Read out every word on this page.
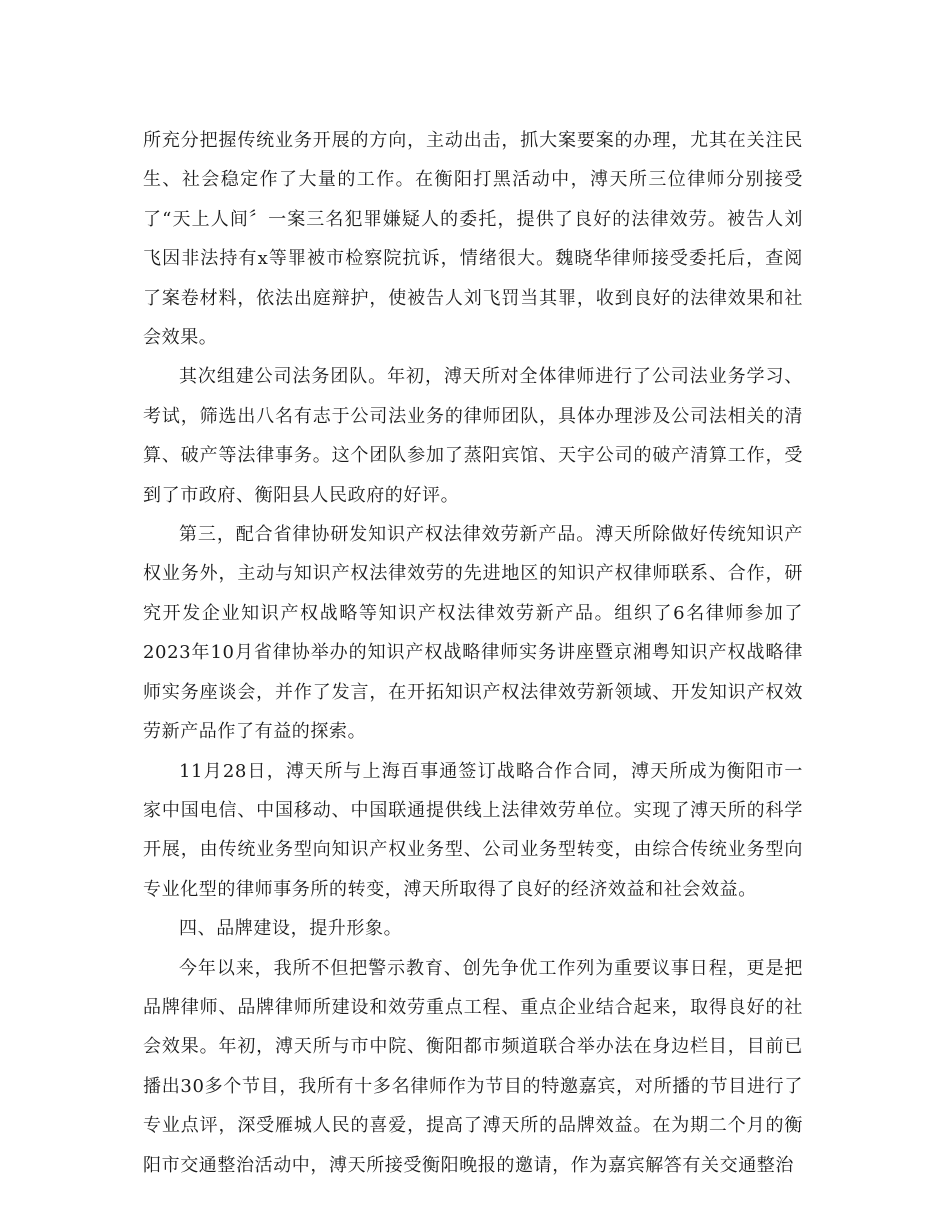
所充分把握传统业务开展的方向，主动出击，抓大案要案的办理，尤其在关注民生、社会稳定作了大量的工作。在衡阳打黑活动中，溥天所三位律师分别接受了“天上人间〞一案三名犯罪嫌疑人的委托，提供了良好的法律效劳。被告人刘飞因非法持有x等罪被市检察院抗诉，情绪很大。魏晓华律师接受委托后，查阅了案卷材料，依法出庭辩护，使被告人刘飞罚当其罪，收到良好的法律效果和社会效果。

其次组建公司法务团队。年初，溥天所对全体律师进行了公司法业务学习、考试，筛选出八名有志于公司法业务的律师团队，具体办理涉及公司法相关的清算、破产等法律事务。这个团队参加了蒸阳宾馆、天宇公司的破产清算工作，受到了市政府、衡阳县人民政府的好评。

第三，配合省律协研发知识产权法律效劳新产品。溥天所除做好传统知识产权业务外，主动与知识产权法律效劳的先进地区的知识产权律师联系、合作，研究开发企业知识产权战略等知识产权法律效劳新产品。组织了6名律师参加了2023年10月省律协举办的知识产权战略律师实务讲座暨京湘粤知识产权战略律师实务座谈会，并作了发言，在开拓知识产权法律效劳新领域、开发知识产权效劳新产品作了有益的探索。

11月28日，溥天所与上海百事通签订战略合作合同，溥天所成为衡阳市一家中国电信、中国移动、中国联通提供线上法律效劳单位。实现了溥天所的科学开展，由传统业务型向知识产权业务型、公司业务型转变，由综合传统业务型向专业化型的律师事务所的转变，溥天所取得了良好的经济效益和社会效益。

四、品牌建设，提升形象。

今年以来，我所不但把警示教育、创先争优工作列为重要议事日程，更是把品牌律师、品牌律师所建设和效劳重点工程、重点企业结合起来，取得良好的社会效果。年初，溥天所与市中院、衡阳都市频道联合举办法在身边栏目，目前已播出30多个节目，我所有十多名律师作为节目的特邀嘉宾，对所播的节目进行了专业点评，深受雁城人民的喜爱，提高了溥天所的品牌效益。在为期二个月的衡阳市交通整治活动中，溥天所接受衡阳晚报的邀请，作为嘉宾解答有关交通整治
